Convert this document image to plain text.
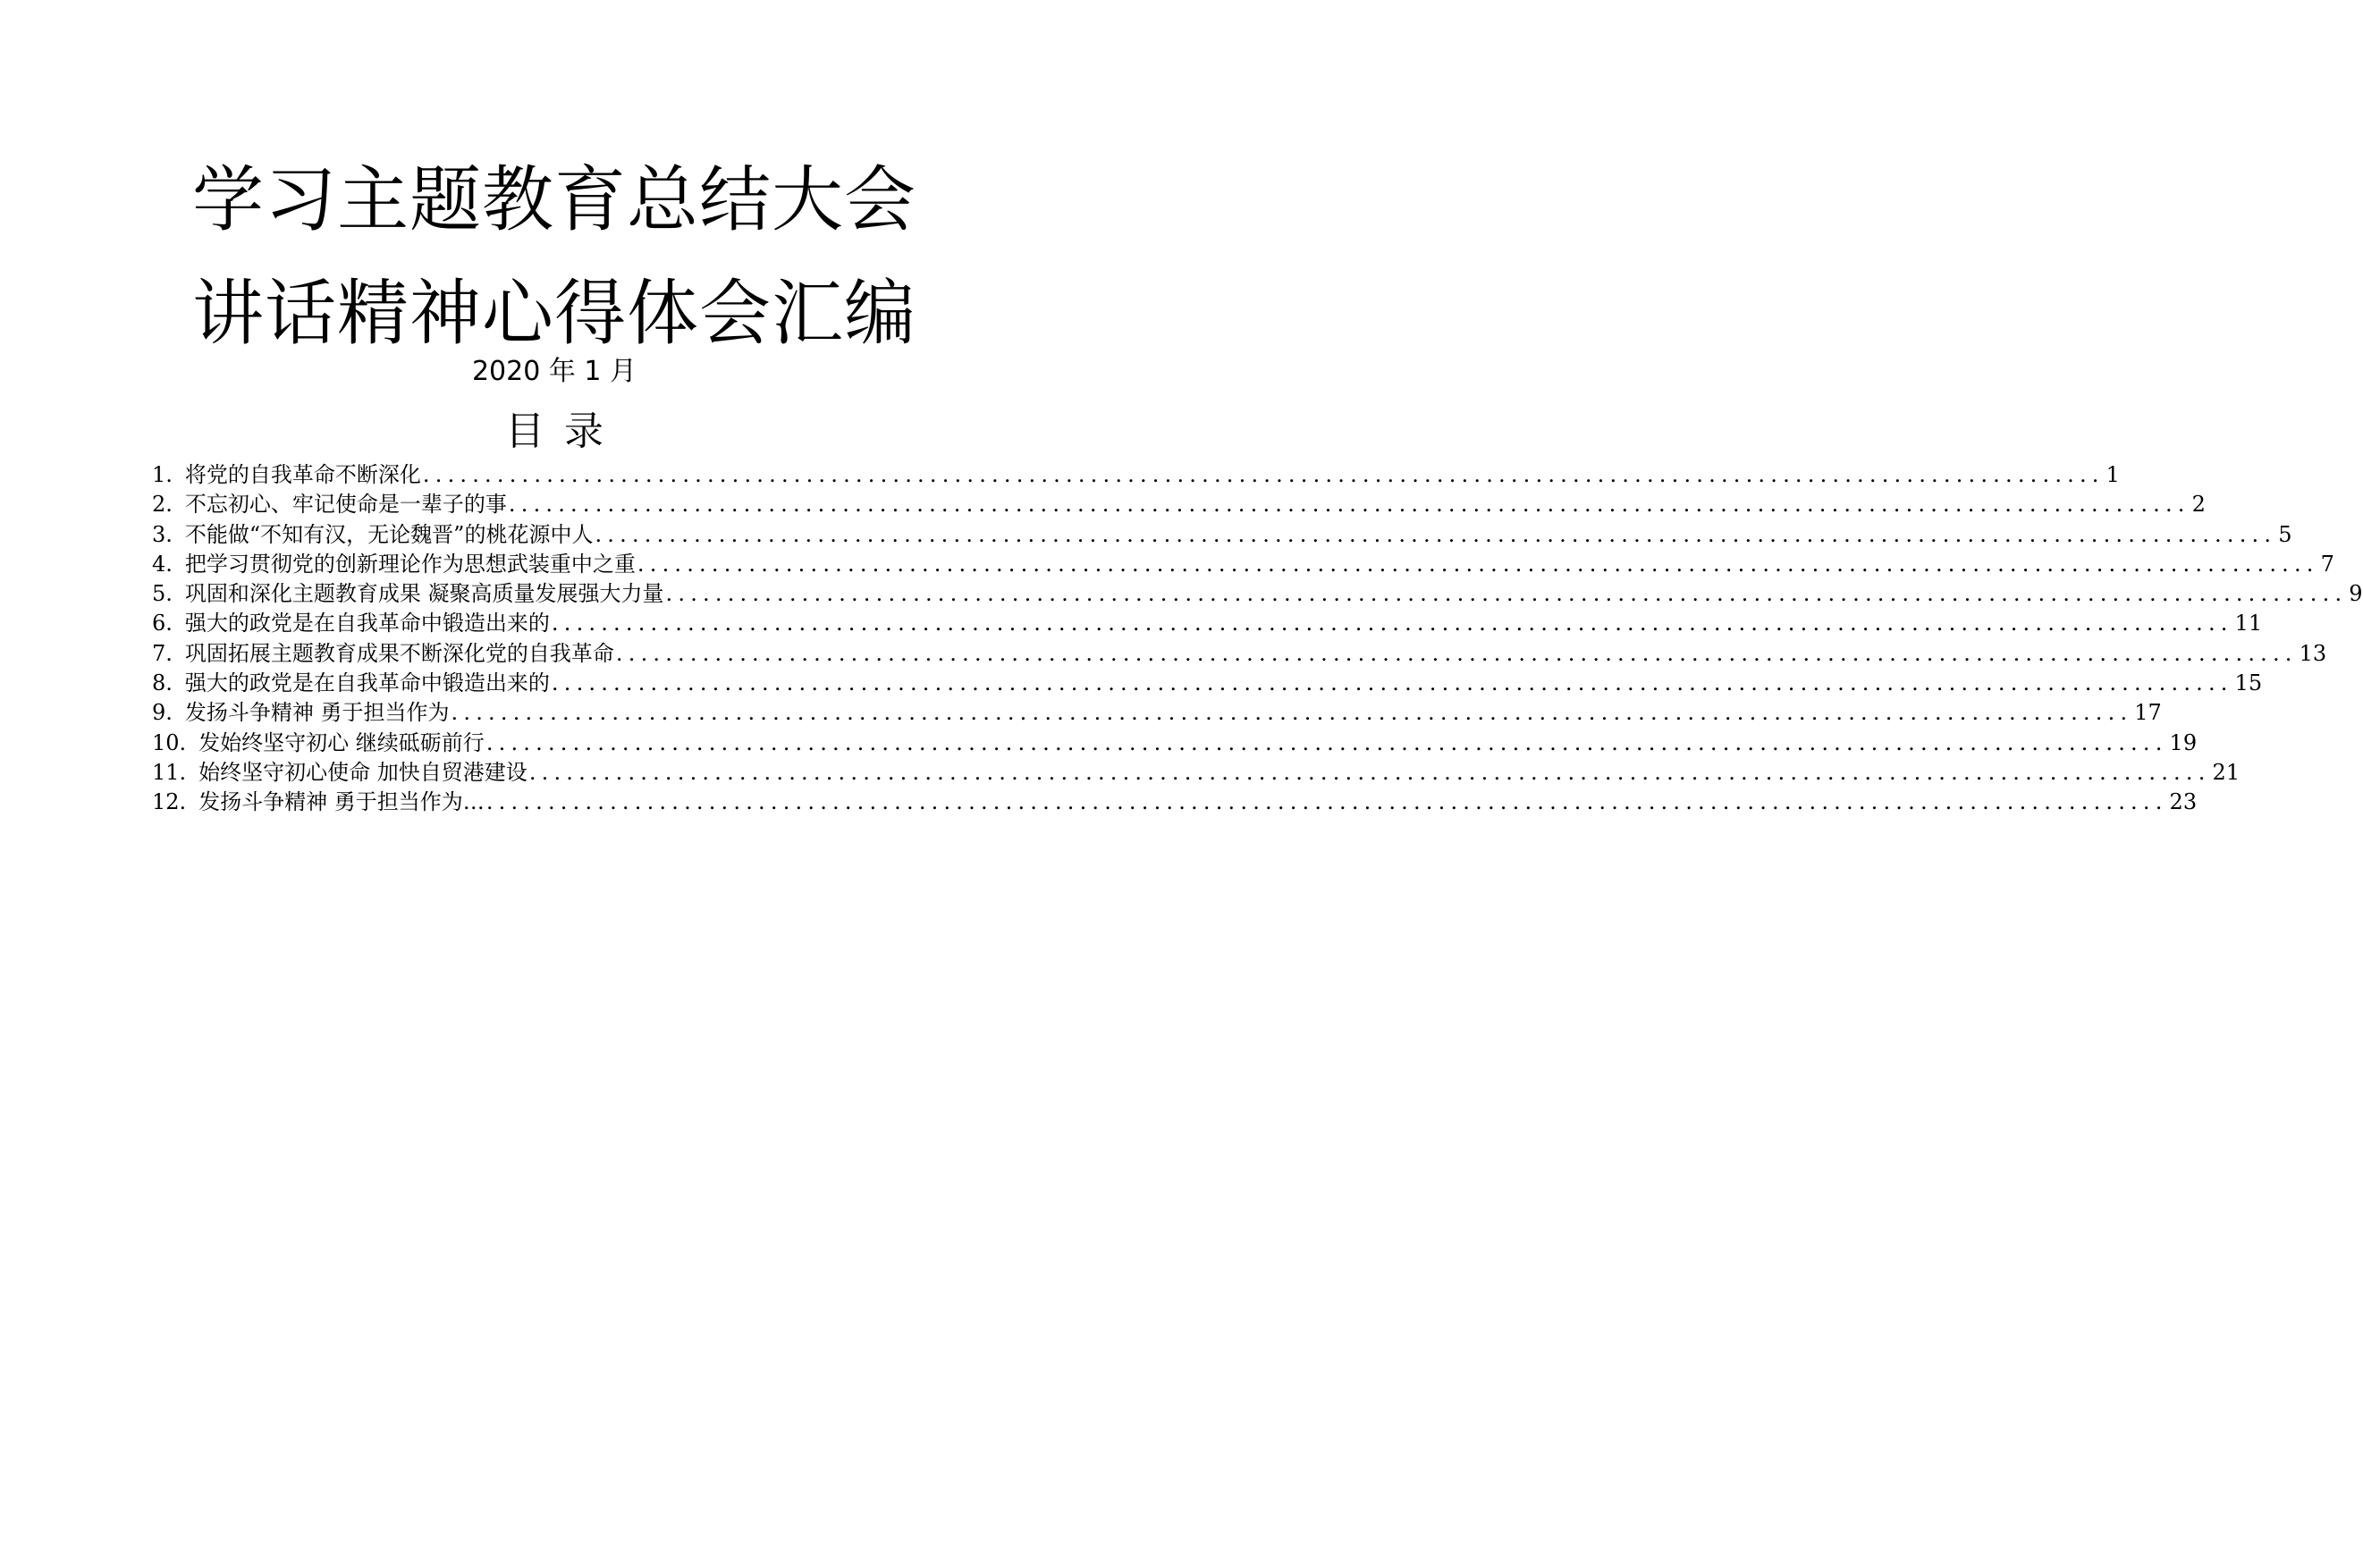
学习主题教育总结大会
讲话精神心得体会汇编
2020 年 1 月
目录
1. 将党的自我革命不断深化 .....	1
2. 不忘初心、牢记使命是一辈子的事 .....	2
3. 不能做“不知有汉，无论魏晋”的桃花源中人 .....	5
4. 把学习贯彻党的创新理论作为思想武装重中之重 .....	7
5. 巩固和深化主题教育成果 凝聚高质量发展强大力量 .....	9
6. 强大的政党是在自我革命中锻造出来的 .....	11
7. 巩固拓展主题教育成果不断深化党的自我革命 .....	13
8. 强大的政党是在自我革命中锻造出来的 .....	15
9. 发扬斗争精神 勇于担当作为 .....	17
10. 发始终坚守初心 继续砥砺前行 .....	19
11. 始终坚守初心使命 加快自贸港建设 .....	21
12. 发扬斗争精神 勇于担当作为… .....	23
